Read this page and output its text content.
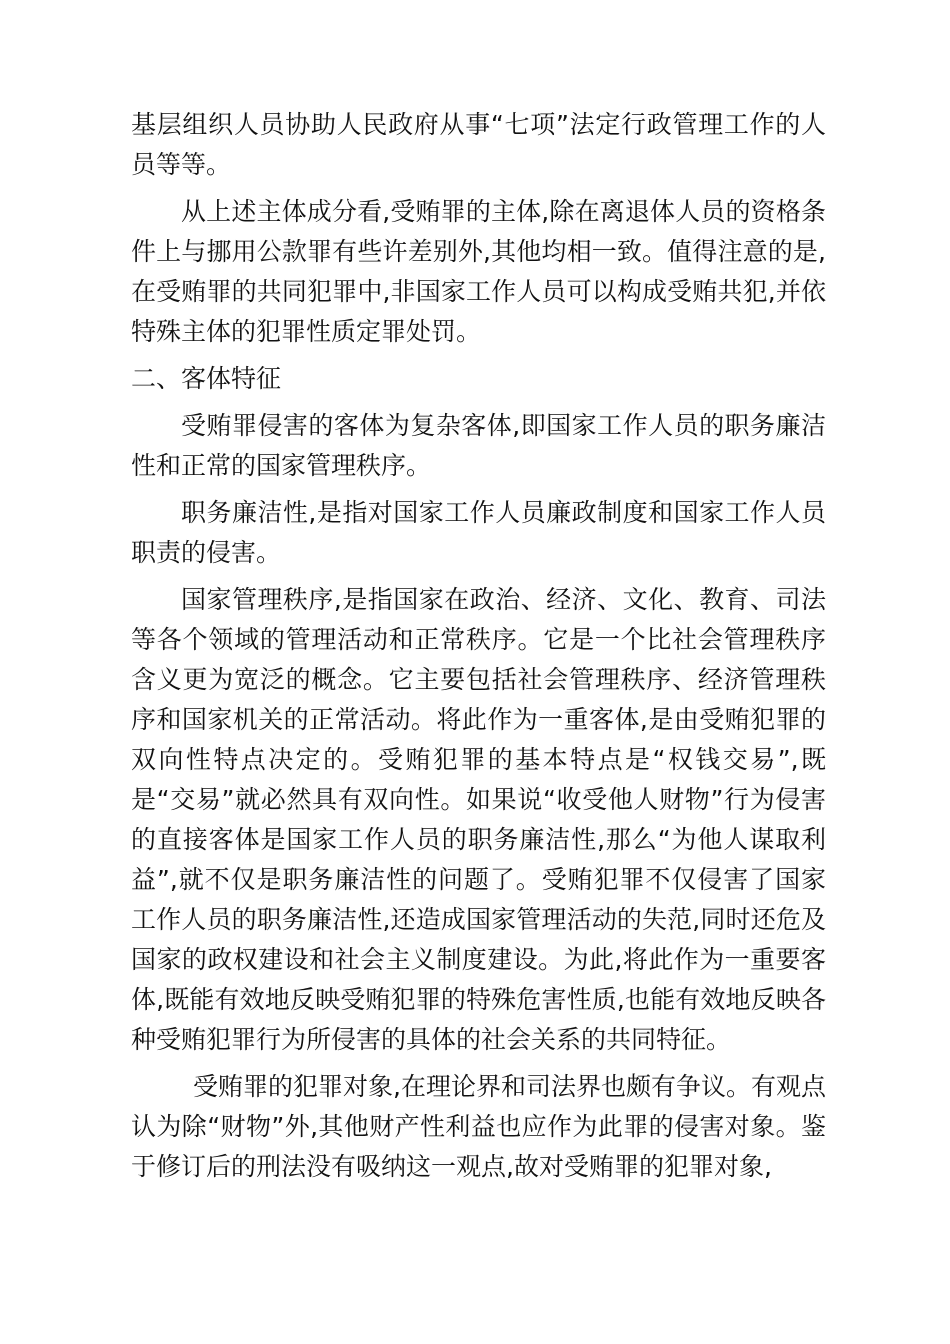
基层组织人员协助人民政府从事“七项”法定行政管理工作的人员等等。

从上述主体成分看,受贿罪的主体,除在离退体人员的资格条件上与挪用公款罪有些许差别外,其他均相一致。值得注意的是,在受贿罪的共同犯罪中,非国家工作人员可以构成受贿共犯,并依特殊主体的犯罪性质定罪处罚。

二、客体特征

受贿罪侵害的客体为复杂客体,即国家工作人员的职务廉洁性和正常的国家管理秩序。

职务廉洁性,是指对国家工作人员廉政制度和国家工作人员职责的侵害。

国家管理秩序,是指国家在政治、经济、文化、教育、司法等各个领域的管理活动和正常秩序。它是一个比社会管理秩序含义更为宽泛的概念。它主要包括社会管理秩序、经济管理秩序和国家机关的正常活动。将此作为一重客体,是由受贿犯罪的双向性特点决定的。受贿犯罪的基本特点是“权钱交易”,既是“交易”就必然具有双向性。如果说“收受他人财物”行为侵害的直接客体是国家工作人员的职务廉洁性,那么“为他人谋取利益”,就不仅是职务廉洁性的问题了。受贿犯罪不仅侵害了国家工作人员的职务廉洁性,还造成国家管理活动的失范,同时还危及国家的政权建设和社会主义制度建设。为此,将此作为一重要客体,既能有效地反映受贿犯罪的特殊危害性质,也能有效地反映各种受贿犯罪行为所侵害的具体的社会关系的共同特征。

受贿罪的犯罪对象,在理论界和司法界也颇有争议。有观点认为除“财物”外,其他财产性利益也应作为此罪的侵害对象。鉴于修订后的刑法没有吸纳这一观点,故对受贿罪的犯罪对象,
